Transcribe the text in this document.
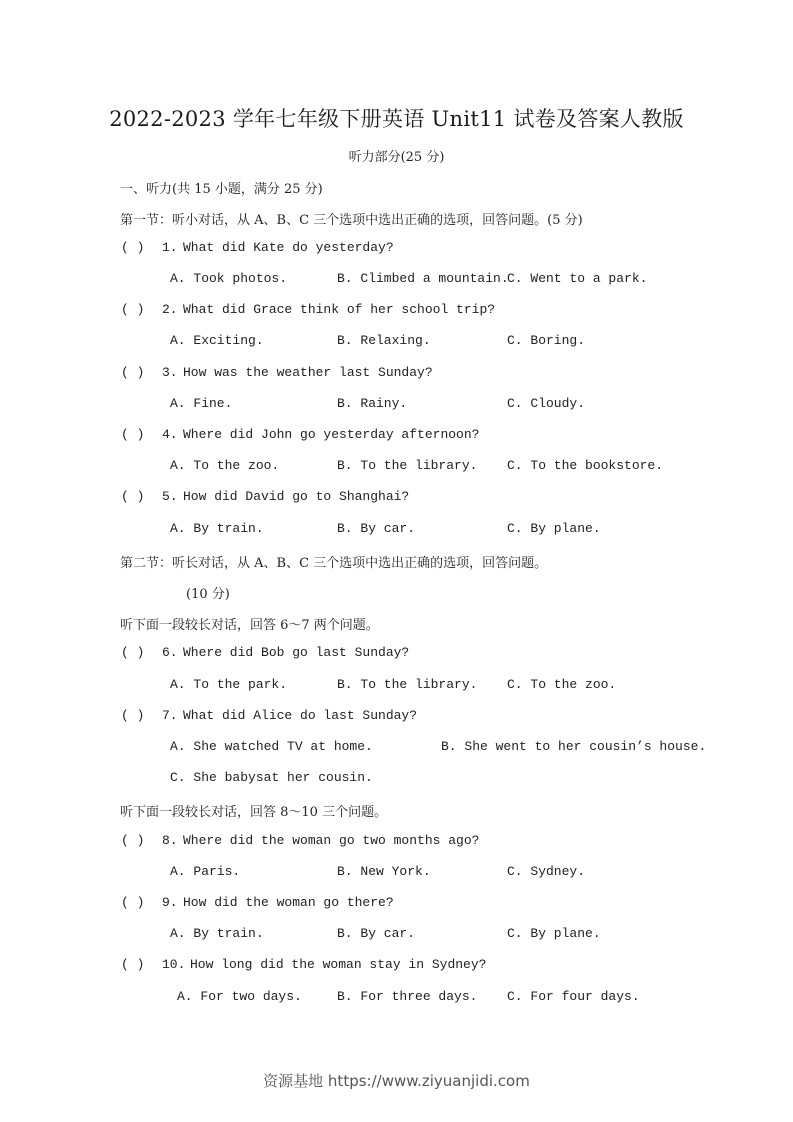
2022-2023 学年七年级下册英语 Unit11 试卷及答案人教版
听力部分(25 分)
一、听力(共 15 小题，满分 25 分)
第一节：听小对话，从 A、B、C 三个选项中选出正确的选项，回答问题。(5 分)
( ) 1. What did Kate do yesterday?
A. Took photos.	B. Climbed a mountain.
C. Went to a park.
( ) 2. What did Grace think of her school trip?
A. Exciting.	B. Relaxing.	C. Boring.
( ) 3. How was the weather last Sunday?
A. Fine.	B. Rainy.	C. Cloudy.
( ) 4. Where did John go yesterday afternoon?
A. To the zoo.	B. To the library. C. To the bookstore.
( ) 5. How did David go to Shanghai?
A. By train.	B. By car.	C. By plane.
第二节：听长对话，从 A、B、C 三个选项中选出正确的选项，回答问题。
(10 分)
听下面一段较长对话，回答 6～7 两个问题。
( ) 6. Where did Bob go last Sunday?
A. To the park.	B. To the library. C. To the zoo.
( ) 7. What did Alice do last Sunday?
A. She watched TV at home.	B. She went to her cousin’s house.
C. She babysat her cousin.
听下面一段较长对话，回答 8～10 三个问题。
( ) 8. Where did the woman go two months ago?
A. Paris.	B. New York.	C. Sydney.
( ) 9. How did the woman go there?
A. By train.	B. By car.	C. By plane.
( ) 10. How long did the woman stay in Sydney?
A. For two days.	B. For three days. C. For four days.
资源基地 https://www.ziyuanjidi.com
